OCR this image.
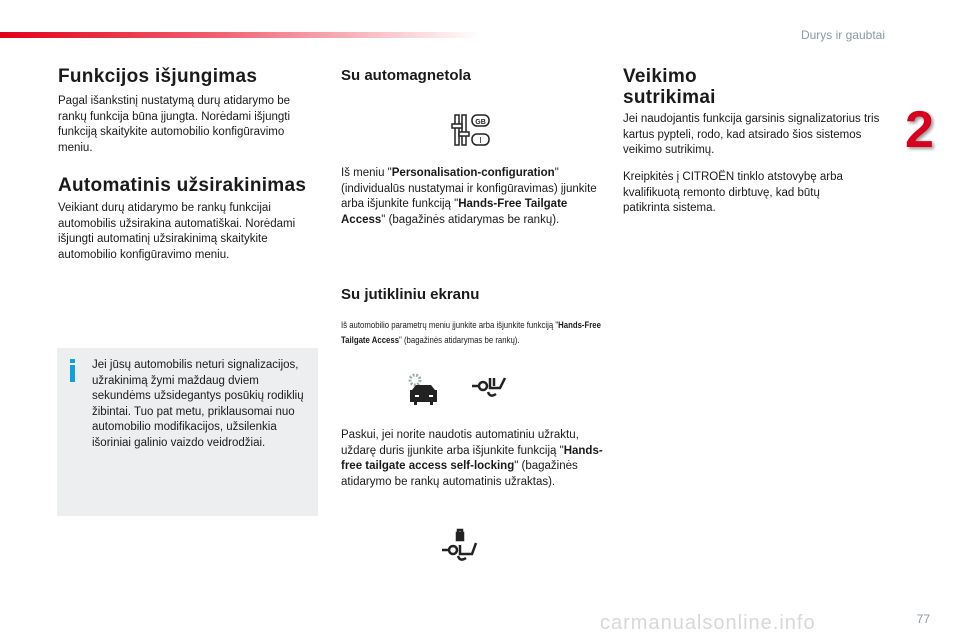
Durys ir gaubtai
2
Funkcijos išjungimas

Pagal išankstinį nustatymą durų atidarymo be rankų funkcija būna įjungta. Norėdami išjungti funkciją skaitykite automobilio konfigūravimo meniu.

Automatinis užsirakinimas

Veikiant durų atidarymo be rankų funkcijai automobilis užsirakina automatiškai. Norėdami išjungti automatinį užsirakinimą skaitykite automobilio konfigūravimo meniu.

Jei jūsų automobilis neturi signalizacijos, užrakinimą žymi maždaug dviem sekundėms užsidegantys posūkių rodiklių žibintai. Tuo pat metu, priklausomai nuo automobilio modifikacijos, užsilenkia išoriniai galinio vaizdo veidrodžiai.

Su automagnetola
GB
I

Iš meniu "Personalisation-configuration" (individualūs nustatymai ir konfigūravimas) įjunkite arba išjunkite funkciją "Hands-Free Tailgate Access" (bagažinės atidarymas be rankų).

Su jutikliniu ekranu

Iš automobilio parametrų meniu įjunkite arba išjunkite funkciją "Hands-Free Tailgate Access" (bagažinės atidarymas be rankų).

Paskui, jei norite naudotis automatiniu užraktu, uždarę duris įjunkite arba išjunkite funkciją "Hands-free tailgate access self-locking" (bagažinės atidarymo be rankų automatinis užraktas).

Veikimo sutrikimai

Jei naudojantis funkcija garsinis signalizatorius tris kartus pypteli, rodo, kad atsirado šios sistemos veikimo sutrikimų.

Kreipkitės į CITROËN tinklo atstovybę arba kvalifikuotą remonto dirbtuvę, kad būtų patikrinta sistema.

carmanualsonline.info	77
